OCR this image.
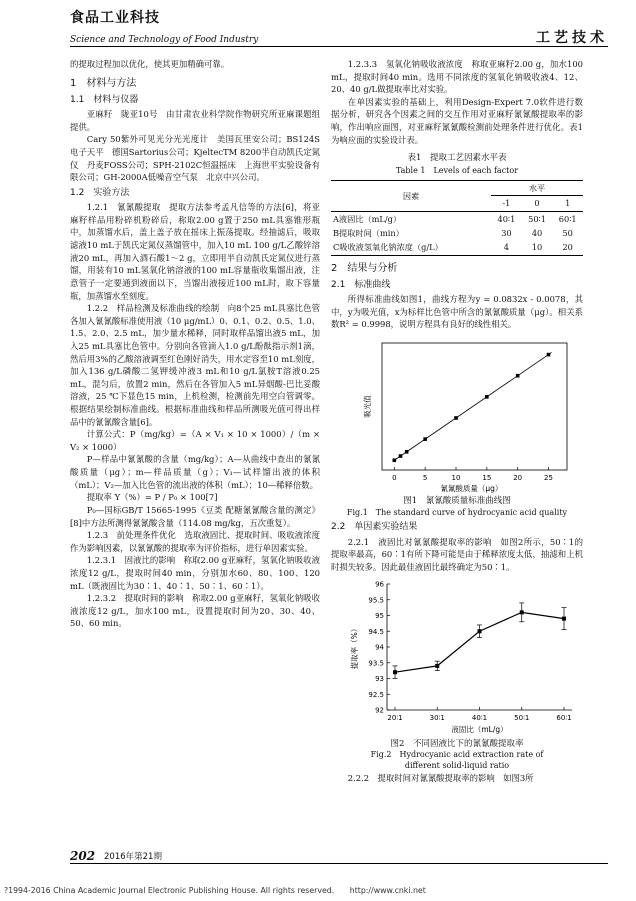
食品工业科技
Science and Technology of Food Industry	工艺技术

的提取过程加以优化，使其更加精确可靠。

1　材料与方法
1.1　材料与仪器

亚麻籽　陇亚10号　由甘肃农业科学院作物研究所亚麻课题组提供。

Cary 50紫外可见光分光光度计　美国瓦里安公司；BS124S电子天平　德国Sartorius公司；KjeltecTM 8200半自动凯氏定氮仪　丹麦FOSS公司；SPH-2102C恒温摇床　上海世平实验设备有限公司；GH-2000A低噪音空气泵　北京中兴公司。

1.2　实验方法

1.2.1　氰氰酸提取　提取方法参考孟凡信等的方法[6]，将亚麻籽样品用粉碎机粉碎后，称取2.00 g置于250 mL具塞锥形瓶中，加蒸馏水后，盖上盖子放在摇床上振荡提取。经抽滤后，吸取滤液10 mL于凯氏定氮仪蒸馏管中，加入10 mL 100 g/L乙酸锌溶液20 mL，再加入酒石酸1～2 g，立即用半自动凯氏定氮仪进行蒸馏，用装有10 mL氢氧化钠溶液的100 mL容量瓶收集馏出液，注意管子一定要通到液面以下，当馏出液接近100 mL时，取下容量瓶，加蒸馏水至刻度。

1.2.2　样品检测及标准曲线的绘制　向8个25 mL具塞比色管各加入氰氰酸标准使用液（10 μg/mL）0、0.1、0.2、0.5、1.0、1.5、2.0、2.5 mL，加少量水稀释，同时取样品馏出液5 mL，加入25 mL具塞比色管中。分别向各管滴入1.0 g/L酚酞指示剂1滴，然后用3%的乙酸溶液调至红色刚好消失，用水定容至10 mL刻度，加入136 g/L磷酸二氢钾缓冲液3 mL和10 g/L氯胺T溶液0.25 mL，混匀后，放置2 min，然后在各管加入5 mL异烟酸-巴比妥酸溶液，25 ℃下显色15 min，上机检测，检测前先用空白管调零。根据结果绘制标准曲线。根据标准曲线和样品所测吸光值可得出样品中的氰氰酸含量[6]。

计算公式：P（mg/kg）=（A × V₁ × 10 × 1000）/（m × V₂ × 1000）

P—样品中氰氰酸的含量（mg/kg）；A—从曲线中查出的氰氰酸质量（μg）；m—样品质量（g）；V₁—试样馏出液的体积（mL）；V₂—加入比色管的流出液的体积（mL）；10—稀释倍数。

提取率 Y（%）= P / P₀ × 100[7]

P₀—国标GB/T 15665-1995《豆类 配糖氰氰酸含量的测定》[8]中方法所测得氰氰酸含量（114.08 mg/kg，五次重复）。

1.2.3　前处理条件优化　选取液固比、提取时间、吸收液浓度作为影响因素，以氰氰酸的提取率为评价指标，进行单因素实验。

1.2.3.1　固液比的影响　称取2.00 g亚麻籽，氢氧化钠吸收液浓度12 g/L，提取时间40 min，分别加水60、80、100、120 mL（既液固比为30∶1、40∶1、50∶1、60∶1）。

1.2.3.2　提取时间的影响　称取2.00 g亚麻籽，氢氧化钠吸收液浓度12 g/L，加水100 mL，设置提取时间为20、30、40、50、60 min。

1.2.3.3　氢氧化钠吸收液浓度　称取亚麻籽2.00 g，加水100 mL，提取时间40 min。选用不同浓度的氢氧化钠吸收液4、12、20、40 g/L做提取率比对实验。

在单因素实验的基础上，利用Design-Expert 7.0软件进行数据分析，研究各个因素之间的交互作用对亚麻籽氰氰酸提取率的影响，作出响应面图，对亚麻籽氰氰酸检测前处理条件进行优化。表1为响应面的实验设计表。

表1　提取工艺因素水平表
Table 1　Levels of each factor
因素	水平		
	-1	0	1
A液固比（mL/g）	40∶1	50∶1	60∶1
B提取时间（min）	30	40	50
C吸收液氢氧化钠浓度（g/L）	4	10	20
2　结果与分析
2.1　标准曲线

所得标准曲线如图1，曲线方程为y = 0.0832x - 0.0078，其中，y为吸光值，x为标样比色管中所含的氰氰酸质量（μg）。相关系数R² = 0.9998，说明方程具有良好的线性相关。

0	5	10	15	20	25
氰氰酸质量（μg）
吸光值
图1　氰氰酸质量标准曲线图
Fig.1　The standard curve of hydrocyanic acid quality
2.2　单因素实验结果

2.2.1　液固比对氰氰酸提取率的影响　如图2所示，50∶1的提取率最高，60∶1有所下降可能是由于稀释浓度太低，抽滤和上机时损失较多。因此最佳液固比最终确定为50∶1。

92
92.5
93
93.5
94
94.5
95
95.5
96
20∶1	30∶1	40∶1	50∶1	60∶1
液固比（mL/g）
提取率（%）
图2　不同固液比下的氰氰酸提取率
Fig.2　Hydrocyanic acid extraction rate of
different solid-liquid ratio

2.2.2　提取时间对氰氰酸提取率的影响　如图3所

202 2016年第21期
?1994-2016 China Academic Journal Electronic Publishing House. All rights reserved.　　http://www.cnki.net
